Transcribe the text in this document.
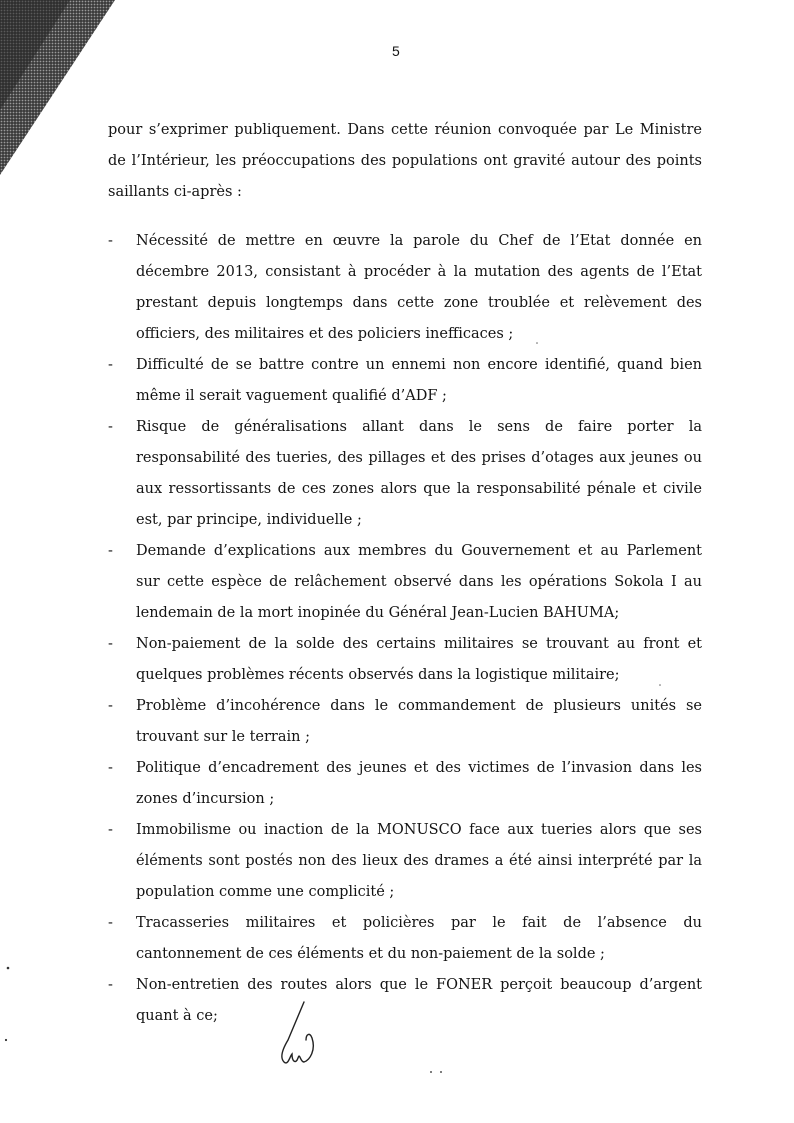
5

pour s’exprimer publiquement. Dans cette réunion convoquée par Le Ministre de l’Intérieur, les préoccupations des populations ont gravité autour des points saillants ci-après :

- Nécessité de mettre en œuvre la parole du Chef de l’Etat donnée en décembre 2013, consistant à procéder à la mutation des agents de l’Etat prestant depuis longtemps dans cette zone troublée et relèvement des officiers, des militaires et des policiers inefficaces ;
- Difficulté de se battre contre un ennemi non encore identifié, quand bien même il serait vaguement qualifié d’ADF ;
- Risque de généralisations allant dans le sens de faire porter la responsabilité des tueries, des pillages et des prises d’otages aux jeunes ou aux ressortissants de ces zones alors que la responsabilité pénale et civile est, par principe, individuelle ;
- Demande d’explications aux membres du Gouvernement et au Parlement sur cette espèce de relâchement observé dans les opérations Sokola I au lendemain de la mort inopinée du Général Jean-Lucien BAHUMA;
- Non-paiement de la solde des certains militaires se trouvant au front et quelques problèmes récents observés dans la logistique militaire;
- Problème d’incohérence dans le commandement de plusieurs unités se trouvant sur le terrain ;
- Politique d’encadrement des jeunes et des victimes de l’invasion dans les zones d’incursion ;
- Immobilisme ou inaction de la MONUSCO face aux tueries alors que ses éléments sont postés non des lieux des drames a été ainsi interprété par la population comme une complicité ;
- Tracasseries militaires et policières par le fait de l’absence du cantonnement de ces éléments et du non-paiement de la solde ;
- Non-entretien des routes alors que le FONER perçoit beaucoup d’argent quant à ce;
